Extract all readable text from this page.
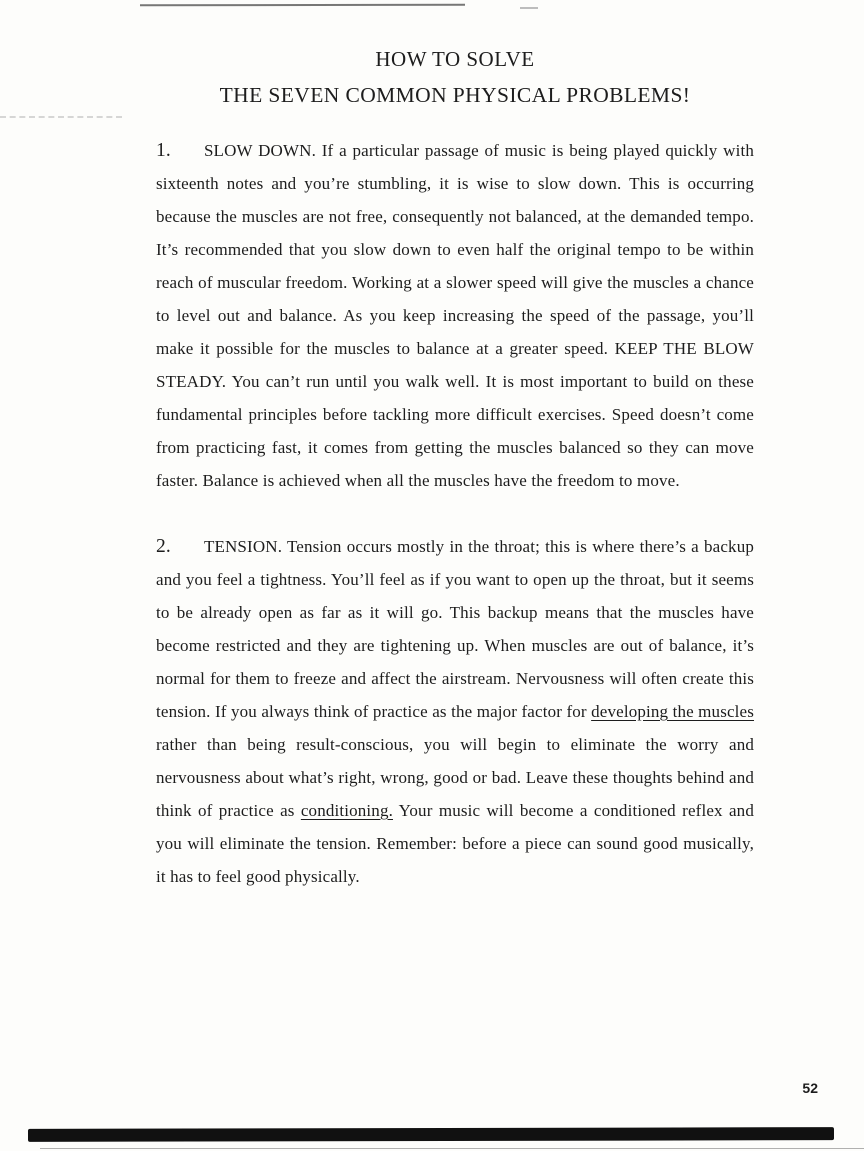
HOW TO SOLVE
THE SEVEN COMMON PHYSICAL PROBLEMS!

1. SLOW DOWN. If a particular passage of music is being played quickly with sixteenth notes and you’re stumbling, it is wise to slow down. This is occurring because the muscles are not free, consequently not balanced, at the demanded tempo. It’s recommended that you slow down to even half the original tempo to be within reach of muscular freedom. Working at a slower speed will give the muscles a chance to level out and balance. As you keep increasing the speed of the passage, you’ll make it possible for the muscles to balance at a greater speed. KEEP THE BLOW STEADY. You can’t run until you walk well. It is most important to build on these fundamental principles before tackling more difficult exercises. Speed doesn’t come from practicing fast, it comes from getting the muscles balanced so they can move faster. Balance is achieved when all the muscles have the freedom to move.

2. TENSION. Tension occurs mostly in the throat; this is where there’s a backup and you feel a tightness. You’ll feel as if you want to open up the throat, but it seems to be already open as far as it will go. This backup means that the muscles have become restricted and they are tightening up. When muscles are out of balance, it’s normal for them to freeze and affect the airstream. Nervousness will often create this tension. If you always think of practice as the major factor for developing the muscles rather than being result-conscious, you will begin to eliminate the worry and nervousness about what’s right, wrong, good or bad. Leave these thoughts behind and think of practice as conditioning. Your music will become a conditioned reflex and you will eliminate the tension. Remember: before a piece can sound good musically, it has to feel good physically.

52
